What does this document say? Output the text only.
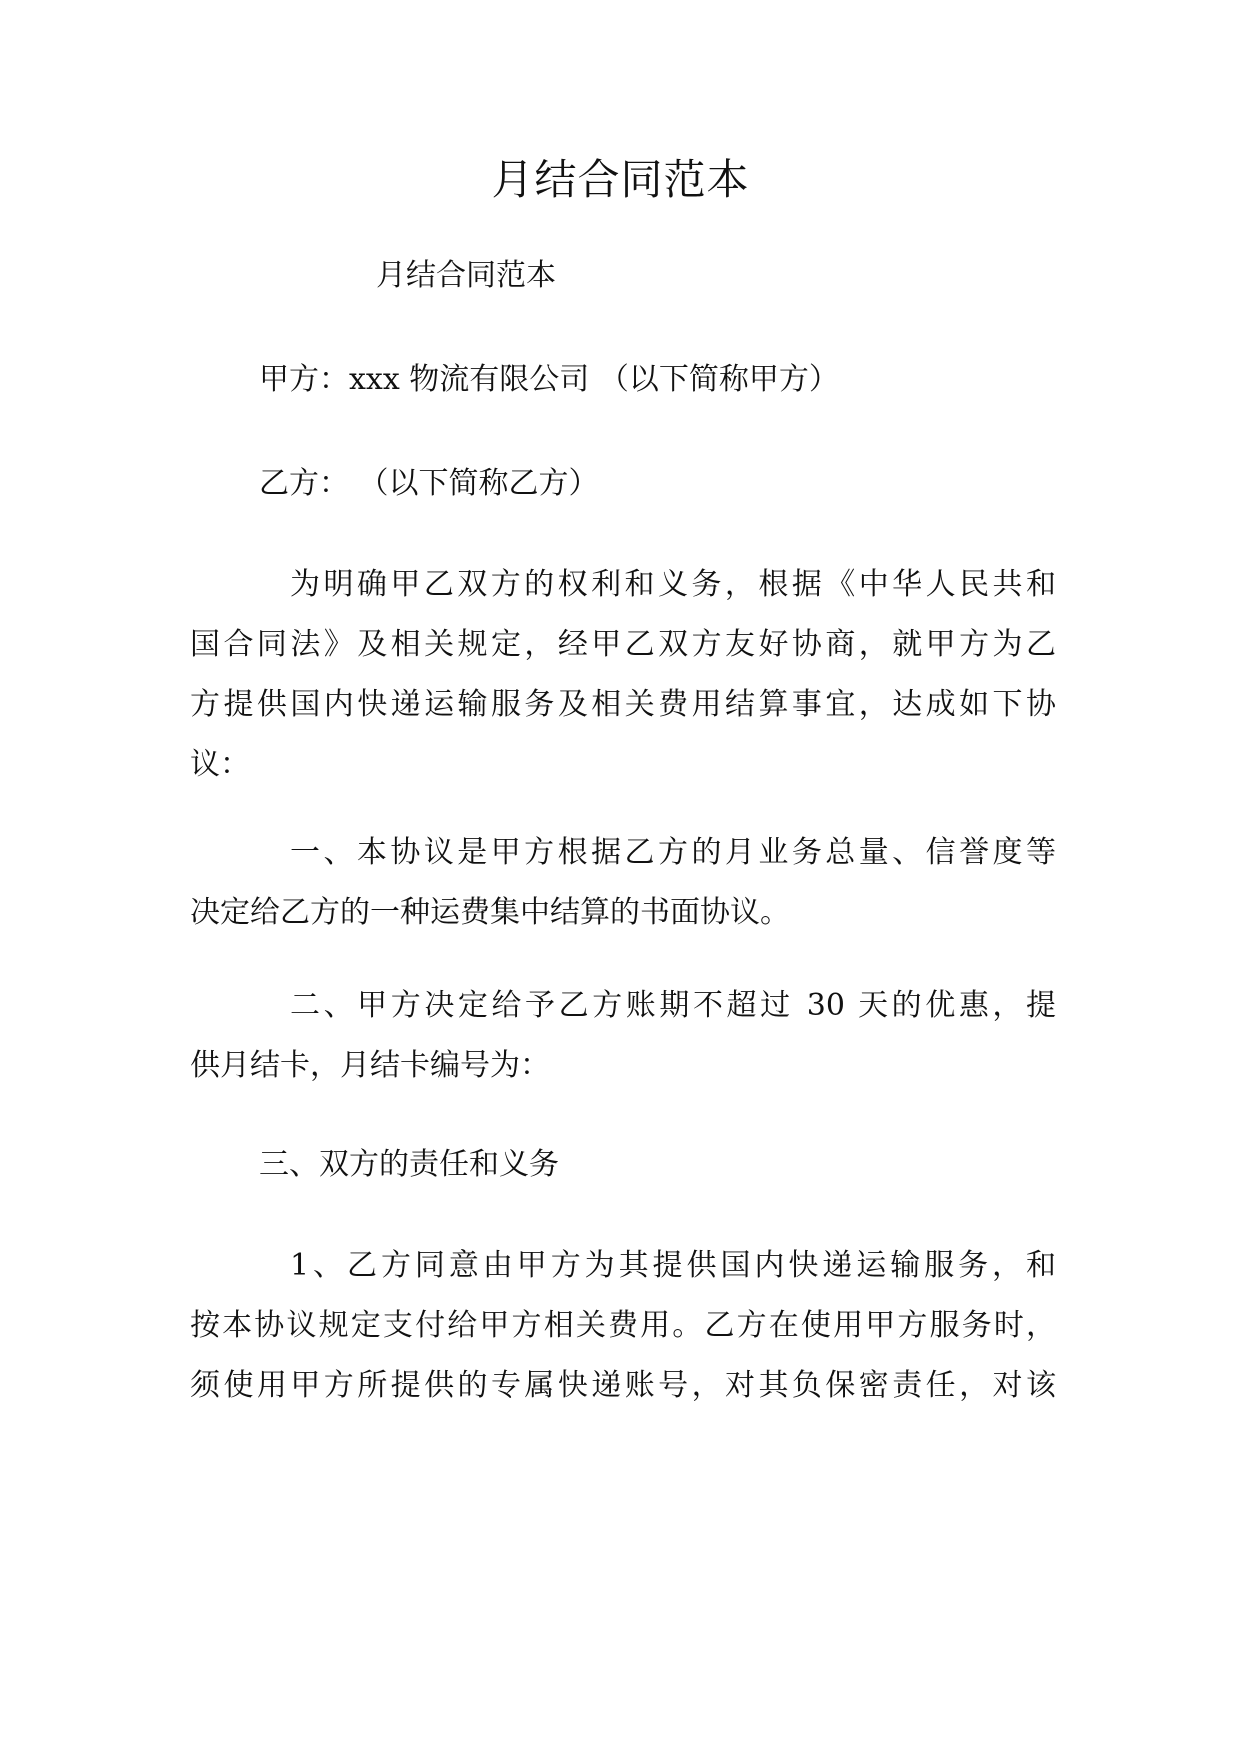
月结合同范本

月结合同范本

甲方：xxx 物流有限公司 （以下简称甲方）

乙方： （以下简称乙方）

为明确甲乙双方的权利和义务，根据《中华人民共和
国合同法》及相关规定，经甲乙双方友好协商，就甲方为乙
方提供国内快递运输服务及相关费用结算事宜，达成如下协
议：
一、本协议是甲方根据乙方的月业务总量、信誉度等
决定给乙方的一种运费集中结算的书面协议。
二、甲方决定给予乙方账期不超过 30 天的优惠，提
供月结卡，月结卡编号为：

三、双方的责任和义务

1、乙方同意由甲方为其提供国内快递运输服务，和
按本协议规定支付给甲方相关费用。乙方在使用甲方服务时，
须使用甲方所提供的专属快递账号，对其负保密责任，对该
